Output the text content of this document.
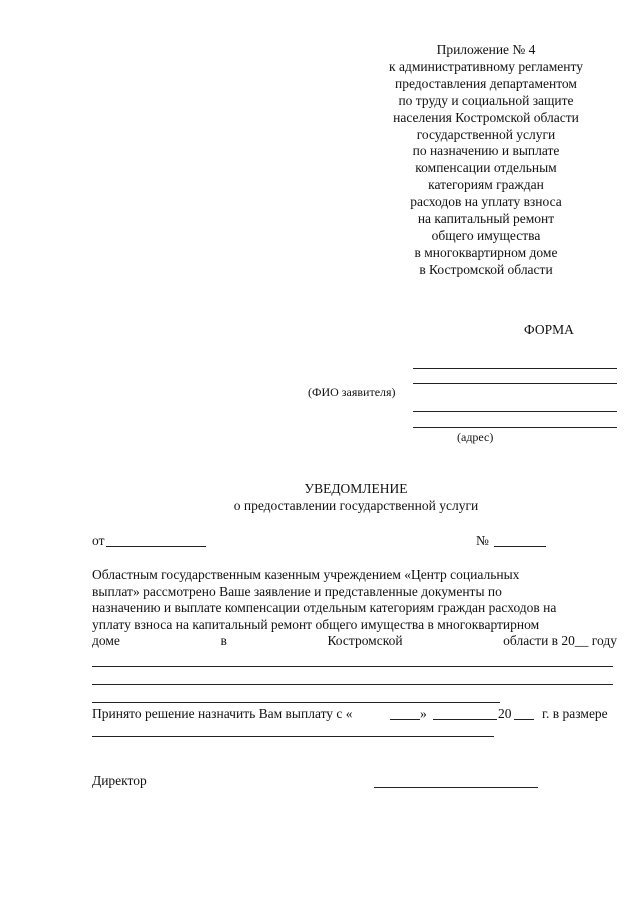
Приложение № 4
к административному регламенту
предоставления департаментом
по труду и социальной защите
населения Костромской области
государственной услуги
по назначению и выплате
компенсации отдельным
категориям граждан
расходов на уплату взноса
на капитальный ремонт
общего имущества
в многоквартирном доме
в Костромской области
ФОРМА
(ФИО заявителя)
(адрес)
УВЕДОМЛЕНИЕ
о предоставлении государственной услуги
от	№
Областным государственным казенным учреждением «Центр социальных
выплат» рассмотрено Ваше заявление и представленные документы по
назначению и выплате компенсации отдельным категориям граждан расходов на
уплату взноса на капитальный ремонт общего имущества в многоквартирном
доме	в	Костромской	области в 20__ году
Принято решение назначить Вам выплату с «	»	20 г. в размере
Директор
